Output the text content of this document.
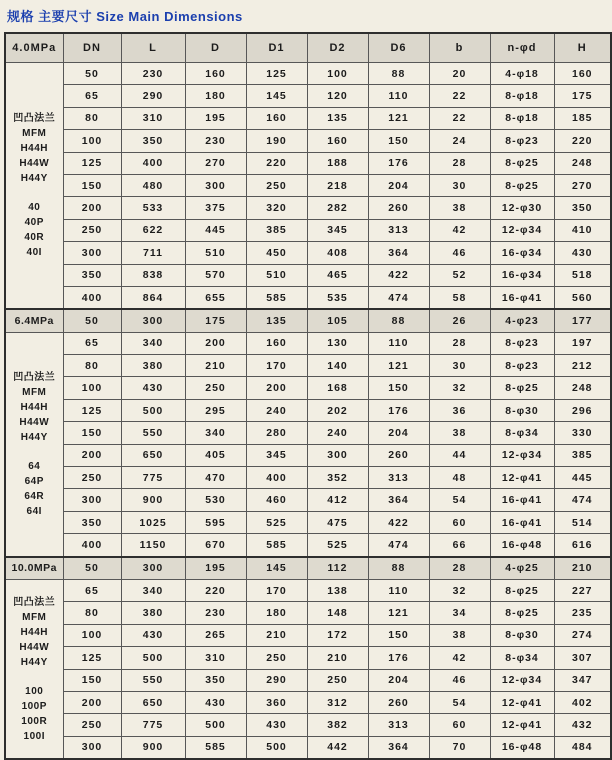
规格 主要尺寸 Size Main Dimensions
4.0MPa	DN	L	D	D1	D2	D6	b	n-φd	H

凹凸法兰
MFM
H44H
H44W
H44Y
40
40P
40R
40I
	50	230	160	125	100	88	20	4-φ18	160
	65	290	180	145	120	110	22	8-φ18	175
	80	310	195	160	135	121	22	8-φ18	185
	100	350	230	190	160	150	24	8-φ23	220
	125	400	270	220	188	176	28	8-φ25	248
	150	480	300	250	218	204	30	8-φ25	270
	200	533	375	320	282	260	38	12-φ30	350
	250	622	445	385	345	313	42	12-φ34	410
	300	711	510	450	408	364	46	16-φ34	430
	350	838	570	510	465	422	52	16-φ34	518
	400	864	655	585	535	474	58	16-φ41	560
6.4MPa	50	300	175	135	105	88	26	4-φ23	177

凹凸法兰
MFM
H44H
H44W
H44Y
64
64P
64R
64I
	65	340	200	160	130	110	28	8-φ23	197
	80	380	210	170	140	121	30	8-φ23	212
	100	430	250	200	168	150	32	8-φ25	248
	125	500	295	240	202	176	36	8-φ30	296
	150	550	340	280	240	204	38	8-φ34	330
	200	650	405	345	300	260	44	12-φ34	385
	250	775	470	400	352	313	48	12-φ41	445
	300	900	530	460	412	364	54	16-φ41	474
	350	1025	595	525	475	422	60	16-φ41	514
	400	1150	670	585	525	474	66	16-φ48	616
10.0MPa	50	300	195	145	112	88	28	4-φ25	210

凹凸法兰
MFM
H44H
H44W
H44Y
100
100P
100R
100I
	65	340	220	170	138	110	32	8-φ25	227
	80	380	230	180	148	121	34	8-φ25	235
	100	430	265	210	172	150	38	8-φ30	274
	125	500	310	250	210	176	42	8-φ34	307
	150	550	350	290	250	204	46	12-φ34	347
	200	650	430	360	312	260	54	12-φ41	402
	250	775	500	430	382	313	60	12-φ41	432
	300	900	585	500	442	364	70	16-φ48	484
